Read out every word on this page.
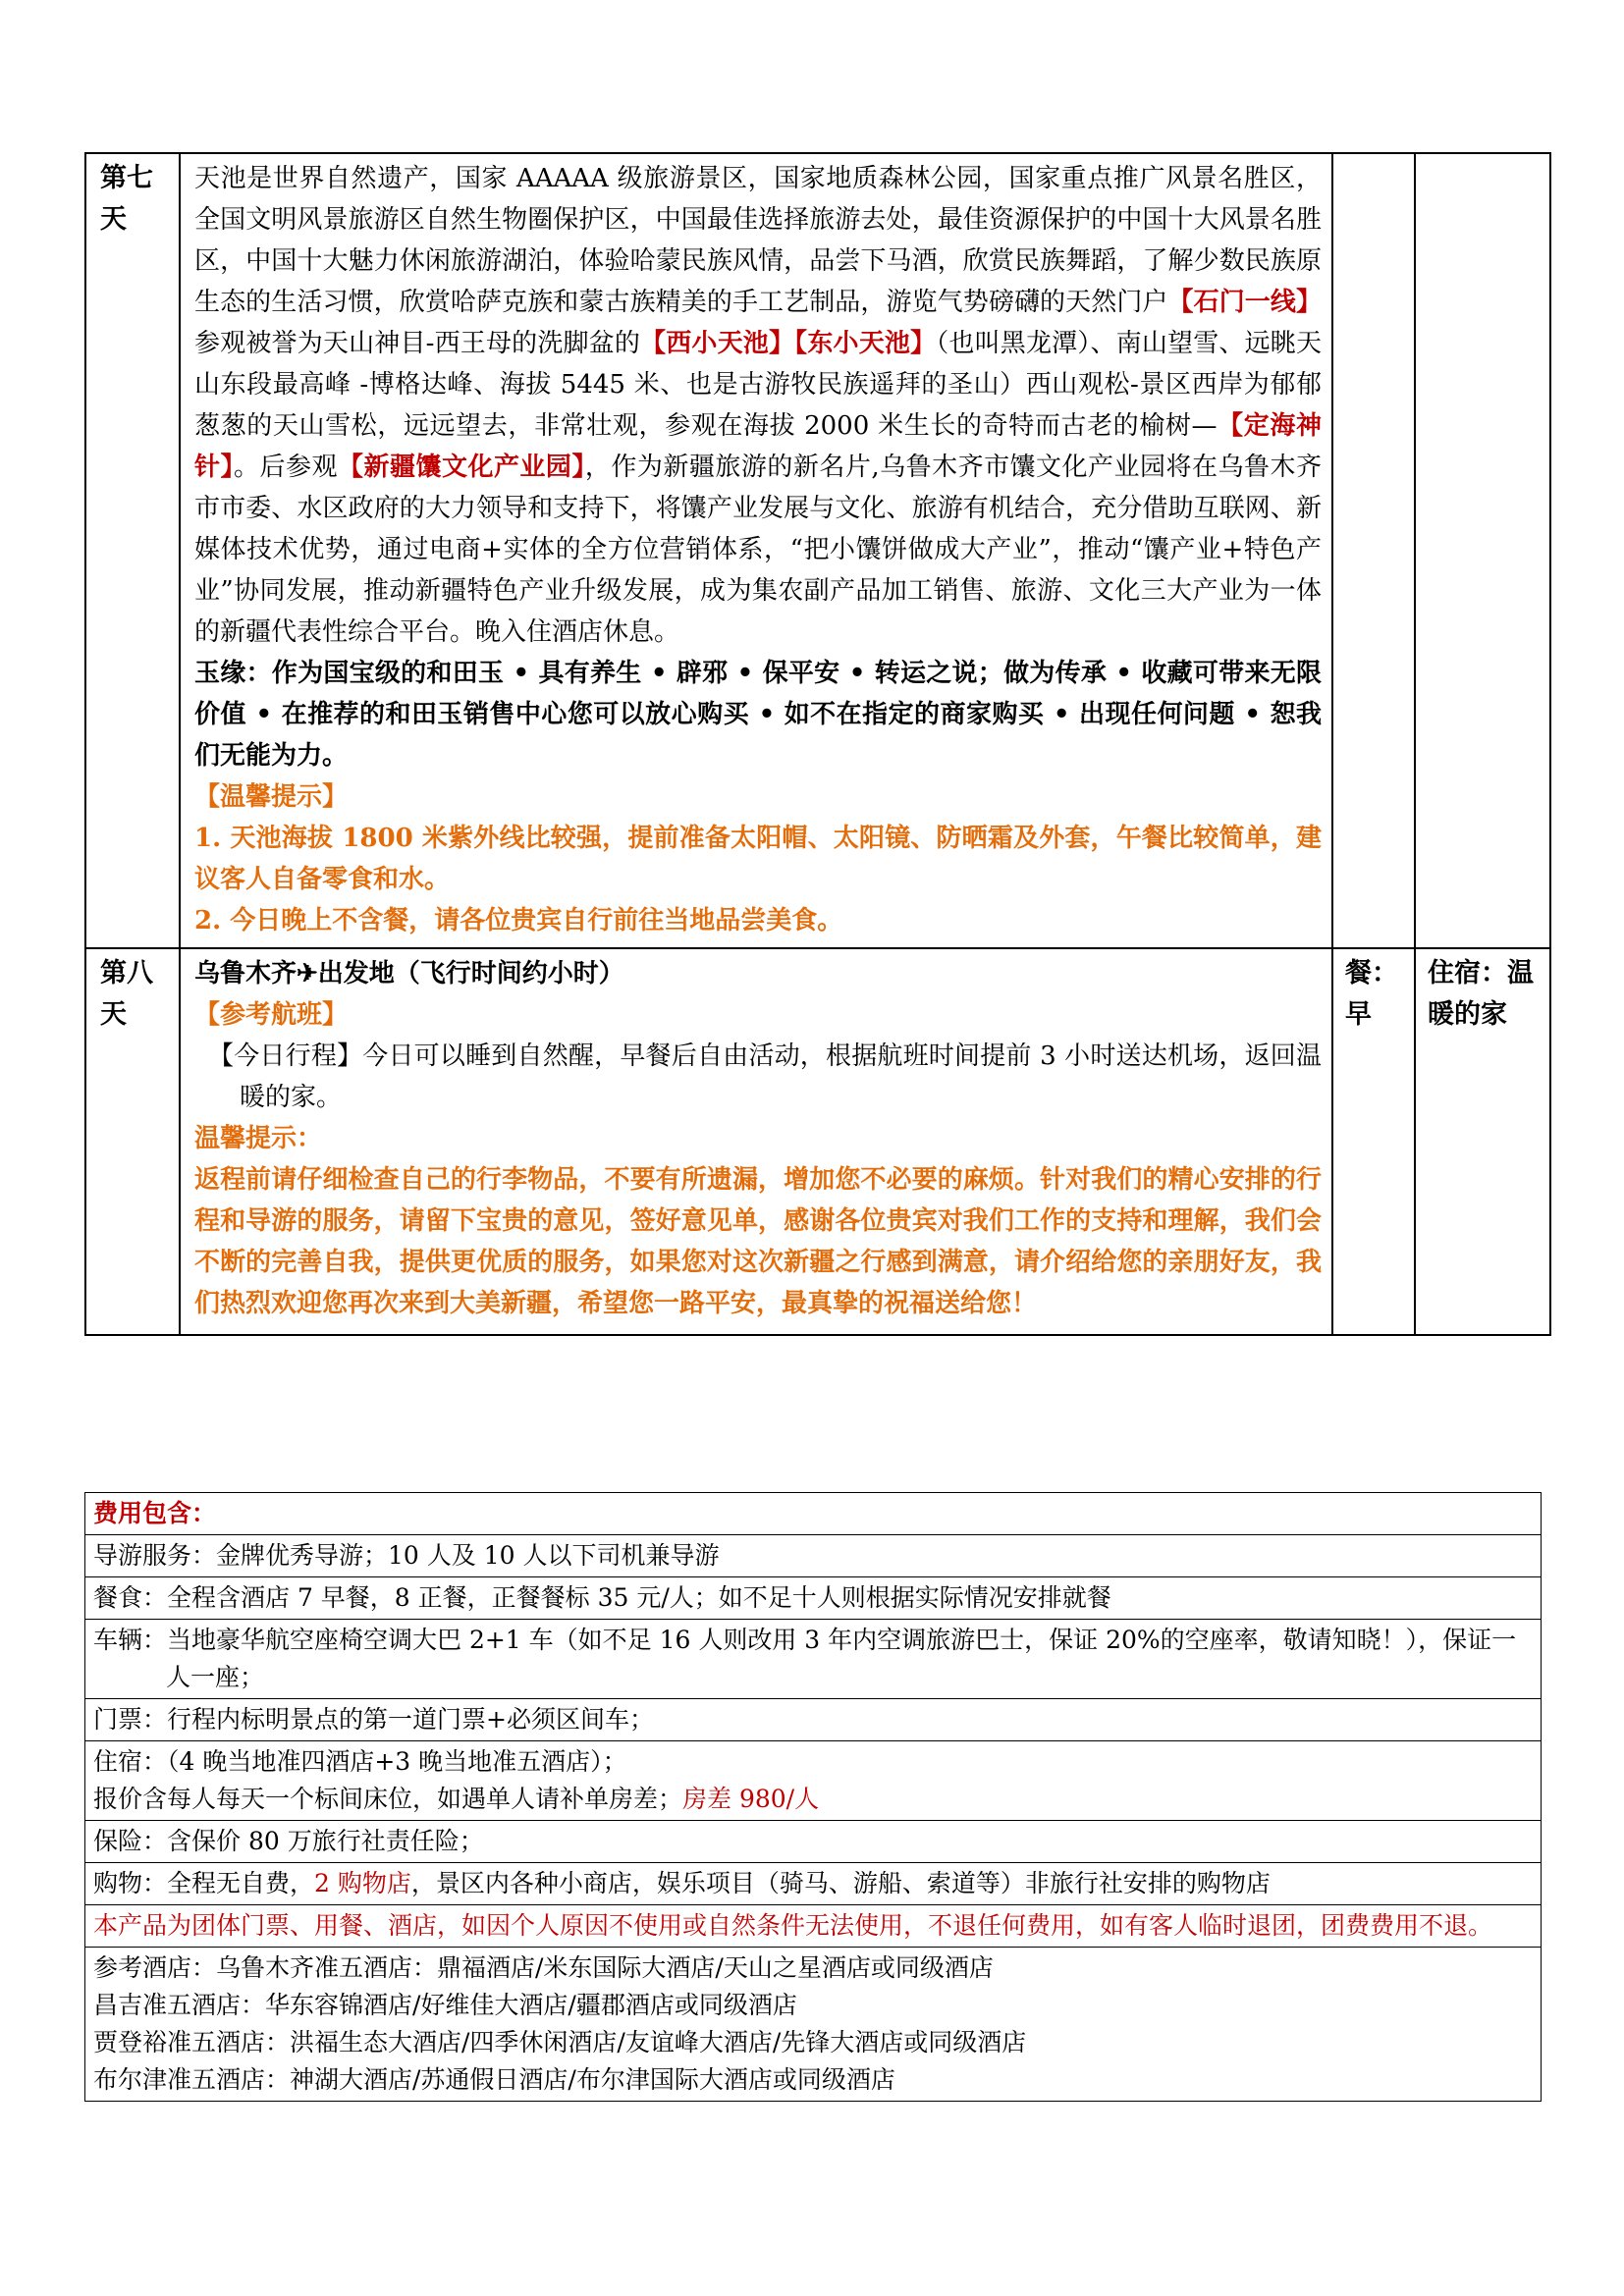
第七天	天池是世界自然遗产，国家 AAAAA 级旅游景区，国家地质森林公园，国家重点推广风景名胜区，全国文明风景旅游区自然生物圈保护区，中国最佳选择旅游去处，最佳资源保护的中国十大风景名胜区，中国十大魅力休闲旅游湖泊，体验哈蒙民族风情，品尝下马酒，欣赏民族舞蹈，了解少数民族原生态的生活习惯，欣赏哈萨克族和蒙古族精美的手工艺制品，游览气势磅礴的天然门户【石门一线】参观被誉为天山神目-西王母的洗脚盆的【西小天池】【东小天池】（也叫黑龙潭）、南山望雪、远眺天山东段最高峰 -博格达峰、海拔 5445 米、也是古游牧民族遥拜的圣山）西山观松-景区西岸为郁郁葱葱的天山雪松，远远望去，非常壮观，参观在海拔 2000 米生长的奇特而古老的榆树—【定海神针】。后参观【新疆馕文化产业园】，作为新疆旅游的新名片,乌鲁木齐市馕文化产业园将在乌鲁木齐市市委、水区政府的大力领导和支持下，将馕产业发展与文化、旅游有机结合，充分借助互联网、新媒体技术优势，通过电商+实体的全方位营销体系，“把小馕饼做成大产业”，推动“馕产业+特色产业”协同发展，推动新疆特色产业升级发展，成为集农副产品加工销售、旅游、文化三大产业为一体的新疆代表性综合平台。晚入住酒店休息。

玉缘：作为国宝级的和田玉 • 具有养生 • 辟邪 • 保平安 • 转运之说；做为传承 • 收藏可带来无限价值 • 在推荐的和田玉销售中心您可以放心购买 • 如不在指定的商家购买 • 出现任何问题 • 恕我们无能为力。

【温馨提示】

1. 天池海拔 1800 米紫外线比较强，提前准备太阳帽、太阳镜、防晒霜及外套，午餐比较简单，建议客人自备零食和水。

2. 今日晚上不含餐，请各位贵宾自行前往当地品尝美食。		

第八天	乌鲁木齐✈出发地（飞行时间约小时）

【参考航班】

【今日行程】今日可以睡到自然醒，早餐后自由活动，根据航班时间提前 3 小时送达机场，返回温暖的家。

温馨提示：

返程前请仔细检查自己的行李物品，不要有所遗漏，增加您不必要的麻烦。针对我们的精心安排的行程和导游的服务，请留下宝贵的意见，签好意见单，感谢各位贵宾对我们工作的支持和理解，我们会不断的完善自我，提供更优质的服务，如果您对这次新疆之行感到满意，请介绍给您的亲朋好友，我们热烈欢迎您再次来到大美新疆，希望您一路平安，最真挚的祝福送给您！	餐：早	住宿：温暖的家
费用包含：
导游服务：金牌优秀导游；10 人及 10 人以下司机兼导游
餐食：全程含酒店 7 早餐，8 正餐，正餐餐标 35 元/人；如不足十人则根据实际情况安排就餐
车辆：当地豪华航空座椅空调大巴 2+1 车（如不足 16 人则改用 3 年内空调旅游巴士，保证 20%的空座率，敬请知晓！），保证一人一座；
门票：行程内标明景点的第一道门票+必须区间车；

住宿：（4 晚当地准四酒店+3 晚当地准五酒店）；
报价含每人每天一个标间床位，如遇单人请补单房差；房差 980/人

保险：含保价 80 万旅行社责任险；
购物：全程无自费，2 购物店，景区内各种小商店，娱乐项目（骑马、游船、索道等）非旅行社安排的购物店
本产品为团体门票、用餐、酒店，如因个人原因不使用或自然条件无法使用，不退任何费用，如有客人临时退团，团费费用不退。

参考酒店：乌鲁木齐准五酒店：鼎福酒店/米东国际大酒店/天山之星酒店或同级酒店
昌吉准五酒店：华东容锦酒店/好维佳大酒店/疆郡酒店或同级酒店
贾登裕准五酒店：洪福生态大酒店/四季休闲酒店/友谊峰大酒店/先锋大酒店或同级酒店
布尔津准五酒店：神湖大酒店/苏通假日酒店/布尔津国际大酒店或同级酒店
